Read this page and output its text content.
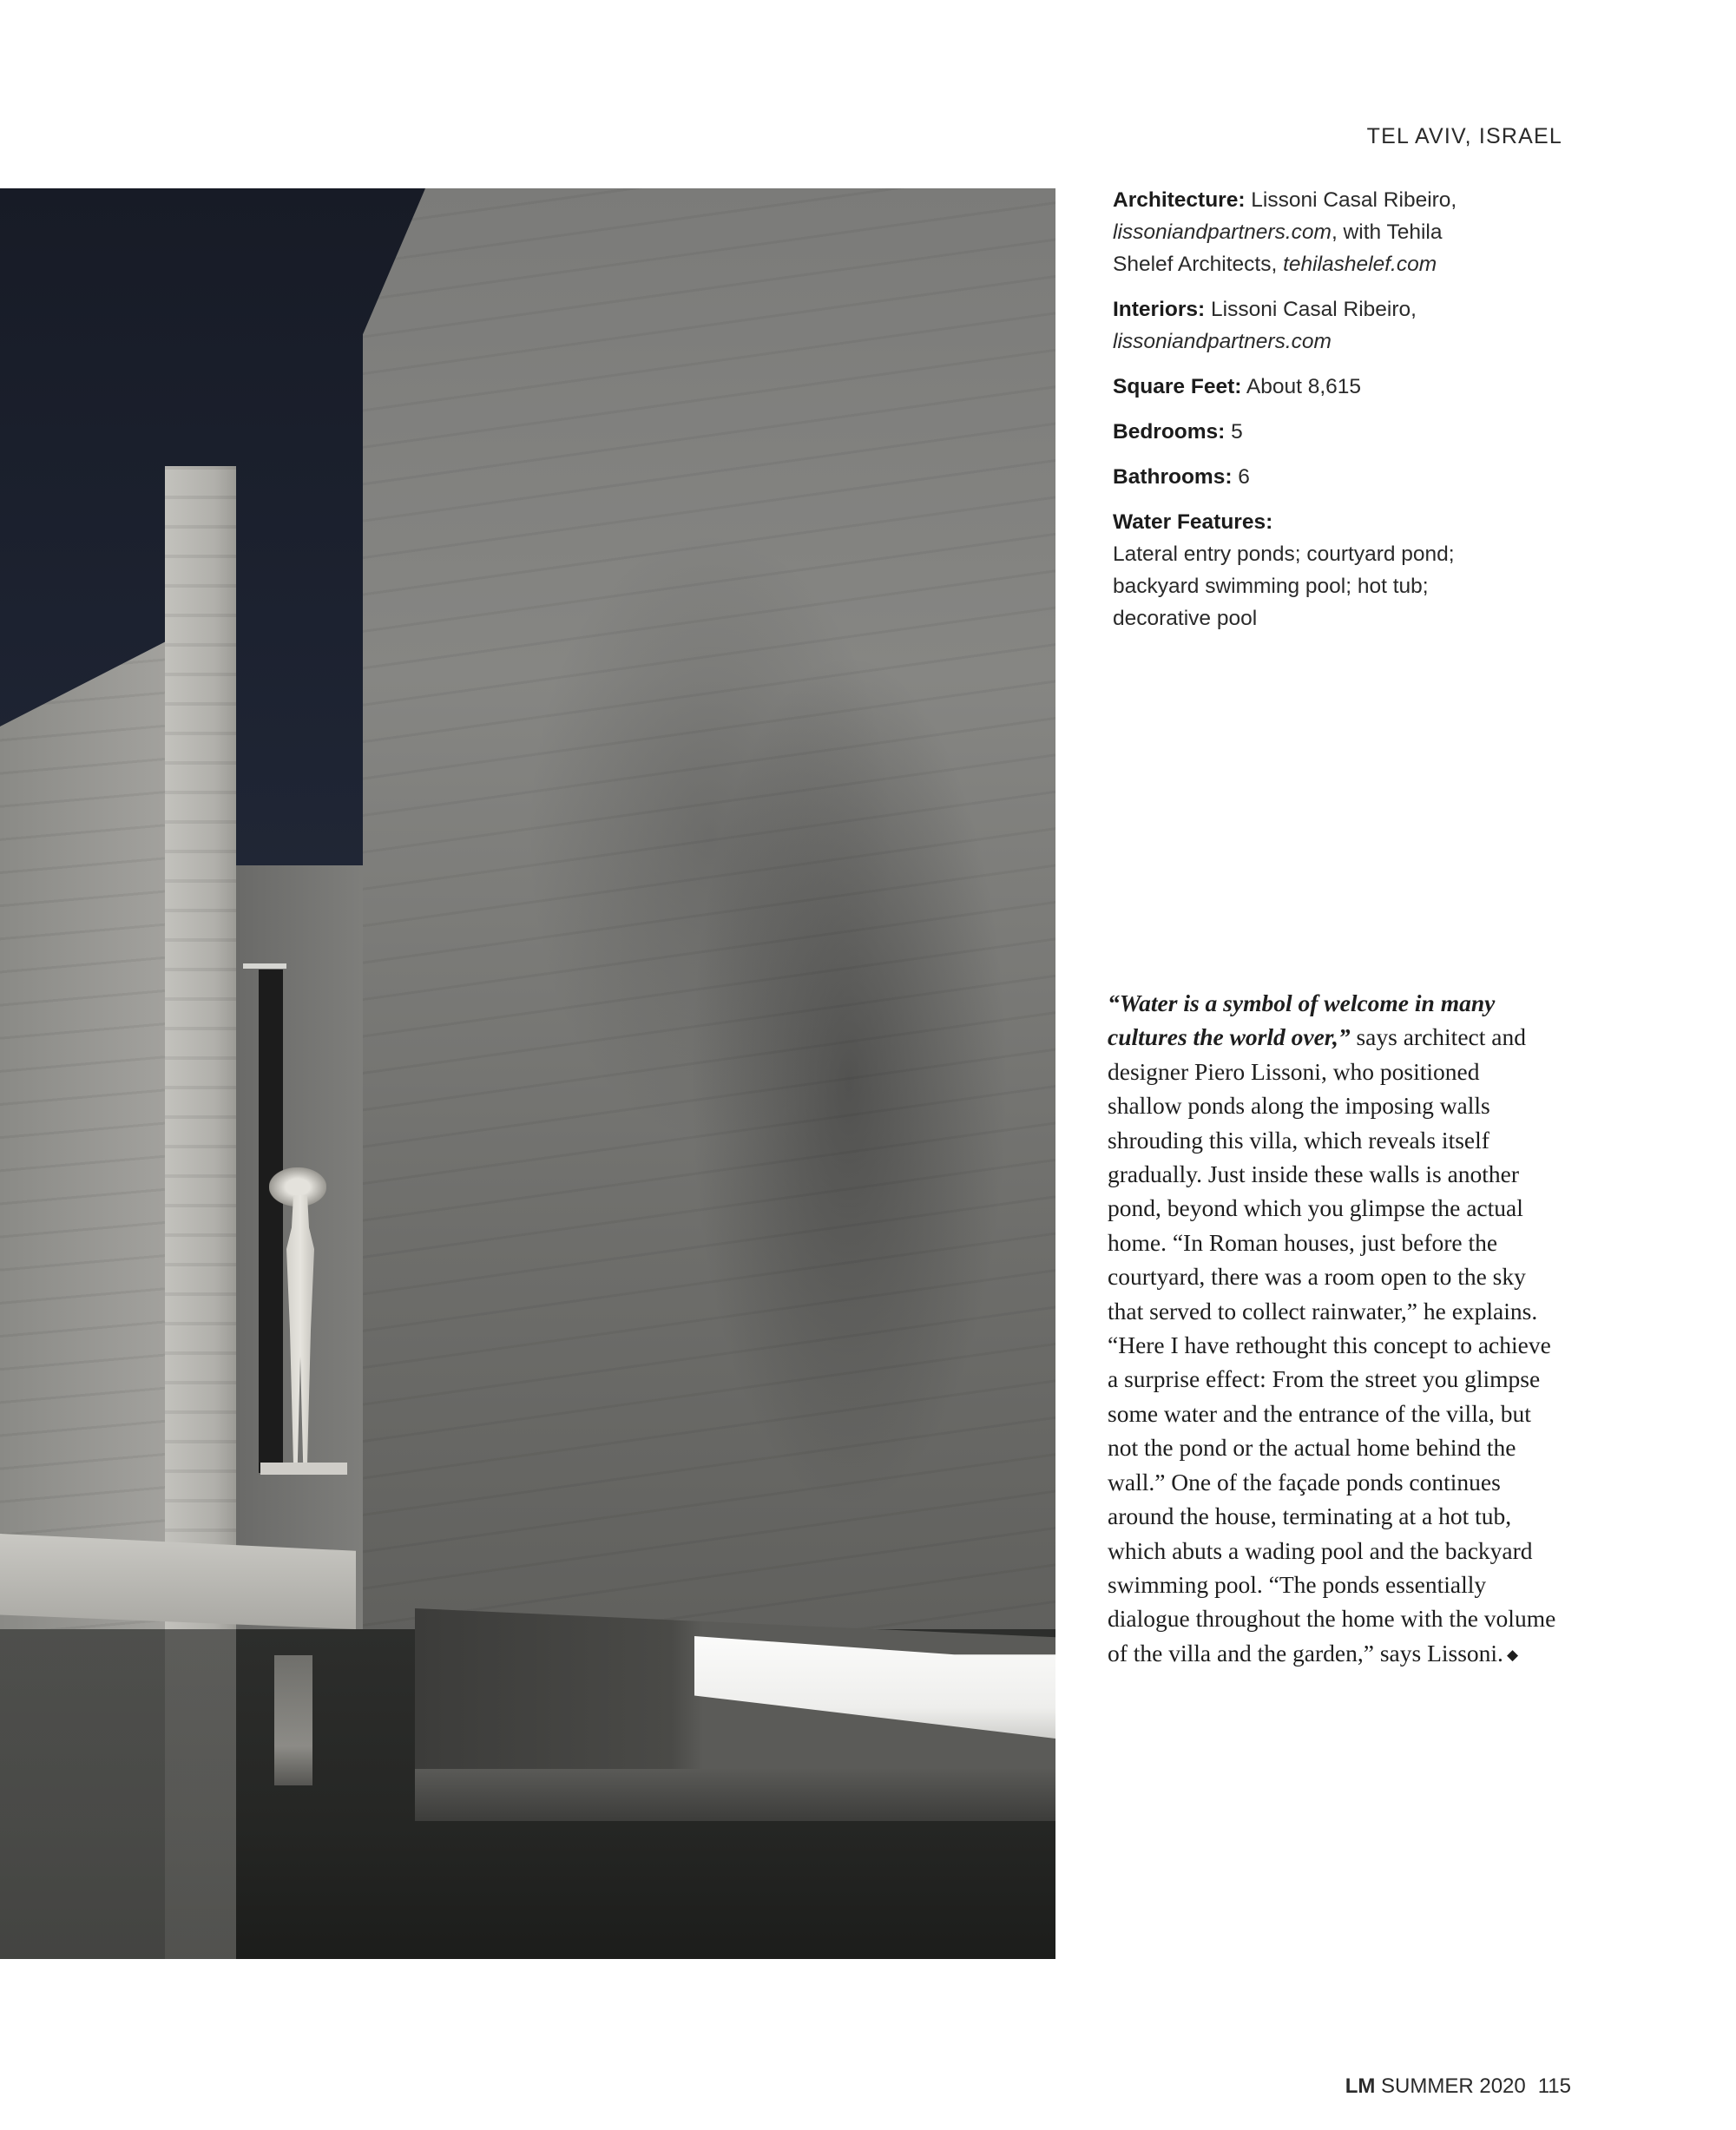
TEL AVIV, ISRAEL

Architecture: Lissoni Casal Ribeiro, lissoniandpartners.com, with Tehila Shelef Architects, tehilashelef.com

Interiors: Lissoni Casal Ribeiro, lissoniandpartners.com

Square Feet: About 8,615

Bedrooms: 5

Bathrooms: 6

Water Features:
Lateral entry ponds; courtyard pond; backyard swimming pool; hot tub; decorative pool

“Water is a symbol of welcome in many cultures the world over,” says architect and designer Piero Lissoni, who positioned shallow ponds along the imposing walls shrouding this villa, which reveals itself gradually. Just inside these walls is another pond, beyond which you glimpse the actual home. “In Roman houses, just before the courtyard, there was a room open to the sky that served to collect rainwater,” he explains. “Here I have rethought this concept to achieve a surprise effect: From the street you glimpse some water and the entrance of the villa, but not the pond or the actual home behind the wall.” One of the façade ponds continues around the house, terminating at a hot tub, which abuts a wading pool and the backyard swimming pool. “The ponds essentially dialogue throughout the home with the volume of the villa and the garden,” says Lissoni. ◆
LM SUMMER 2020 115
